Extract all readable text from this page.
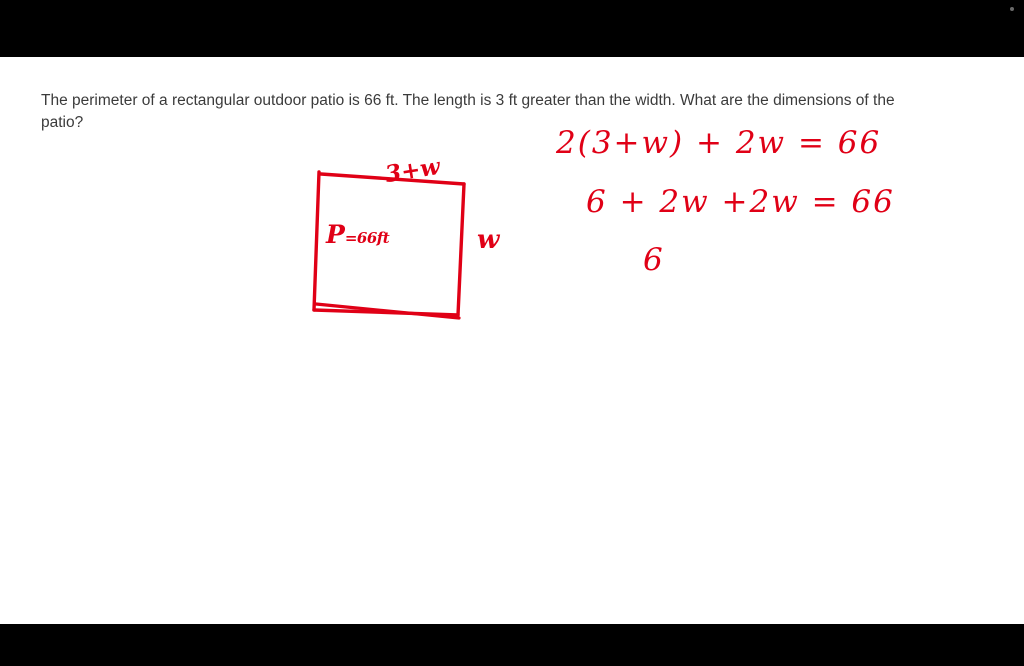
The perimeter of a rectangular outdoor patio is 66 ft. The length is 3 ft greater than the width. What are the dimensions of the patio?
3+w
w
P=66ft
2(3+w) + 2w = 66
6 + 2w +2w = 66
6
